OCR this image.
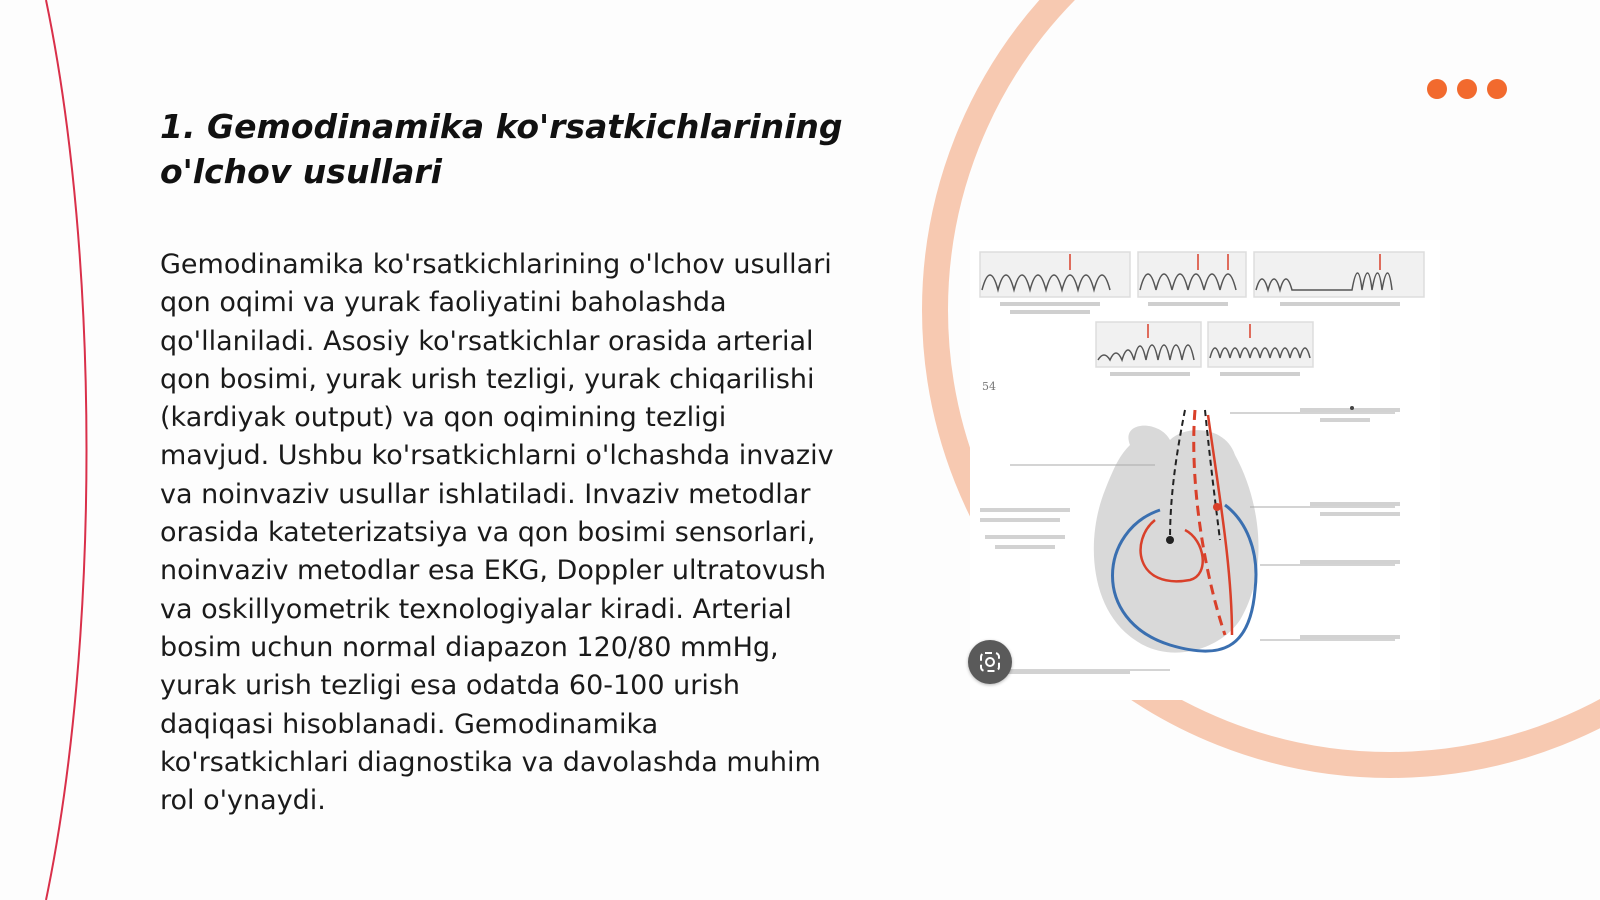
1. Gemodinamika ko'rsatkichlarining o'lchov usullari

Gemodinamika ko'rsatkichlarining o'lchov usullari qon oqimi va yurak faoliyatini baholashda qo'llaniladi. Asosiy ko'rsatkichlar orasida arterial qon bosimi, yurak urish tezligi, yurak chiqarilishi (kardiyak output) va qon oqimining tezligi mavjud. Ushbu ko'rsatkichlarni o'lchashda invaziv va noinvaziv usullar ishlatiladi. Invaziv metodlar orasida kateterizatsiya va qon bosimi sensorlari, noinvaziv metodlar esa EKG, Doppler ultratovush va oskillyometrik texnologiyalar kiradi. Arterial bosim uchun normal diapazon 120/80 mmHg, yurak urish tezligi esa odatda 60-100 urish daqiqasi hisoblanadi. Gemodinamika ko'rsatkichlari diagnostika va davolashda muhim rol o'ynaydi.

54
